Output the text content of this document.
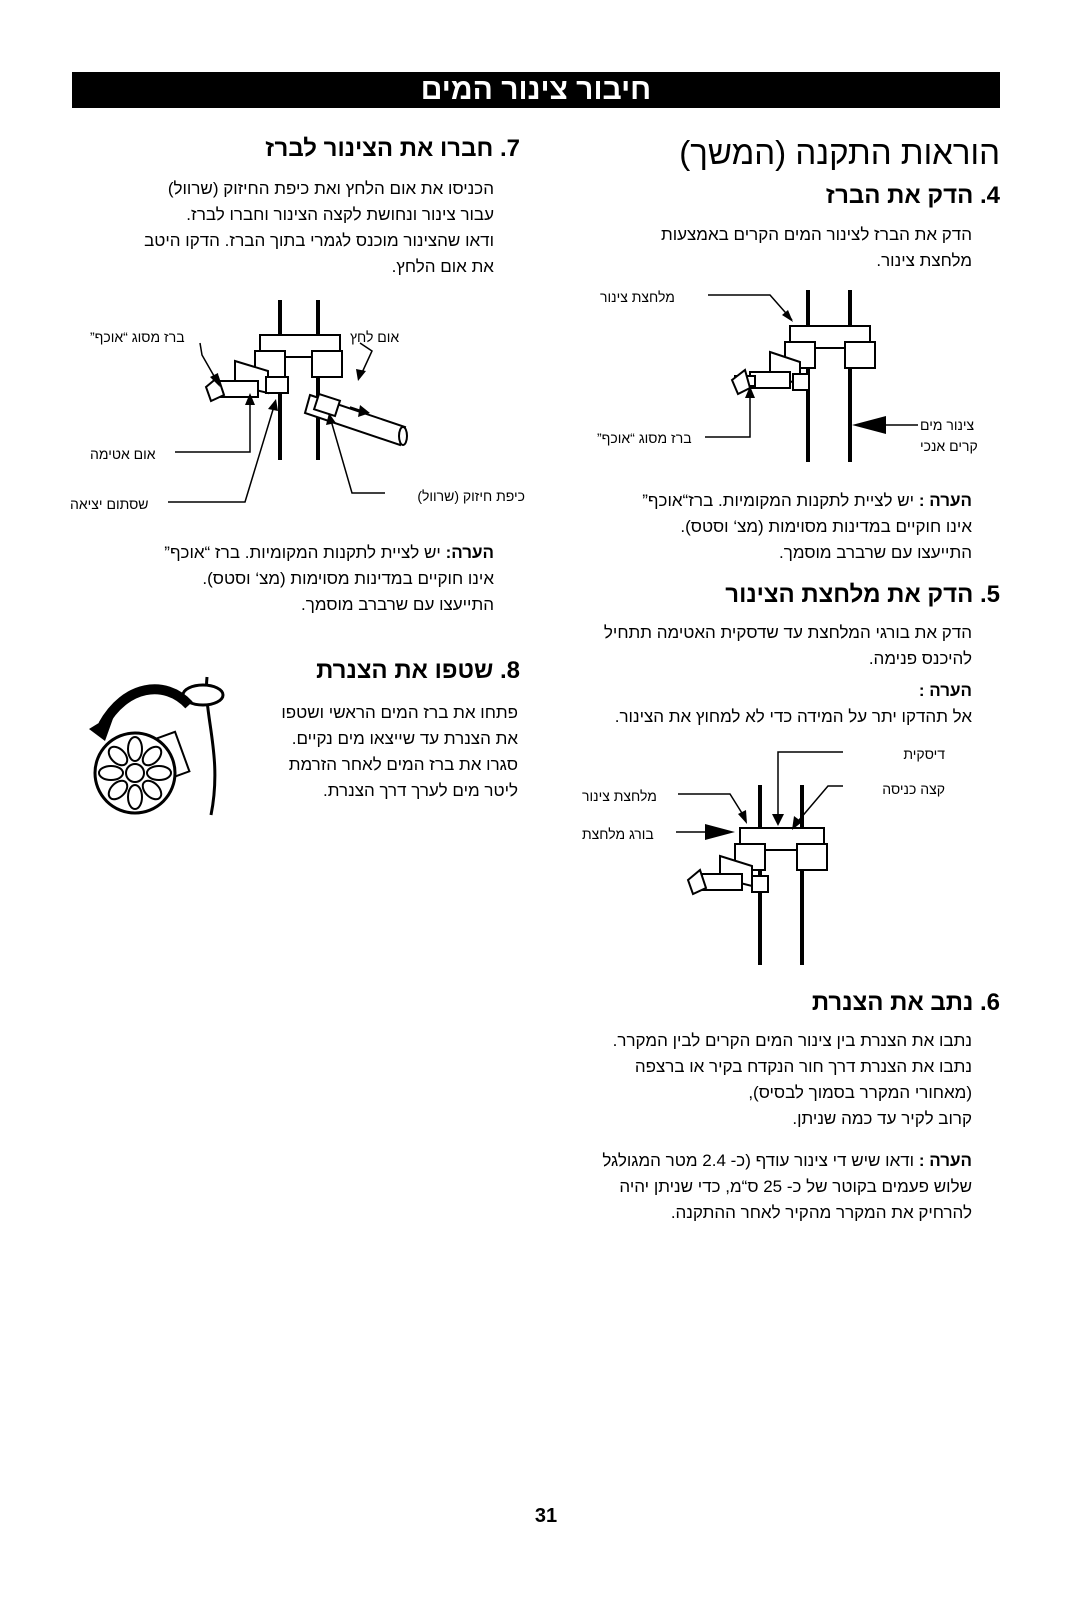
חיבור צינור המים
הוראות התקנה (המשך)
4. הדק את הברז

הדק את הברז לצינור המים הקרים באמצעות

מלחצת צינור.

מלחצת צינור
ברז מסוג “אוכף”
צינור מים
קרים אנכי

הערה : יש לציית לתקנות המקומיות. ברז“אוכף”

אינו חוקיים במדינות מסוימות (מצ‘ וסטס).

התייעצו עם שרברב מוסמך.

5. הדק את מלחצת הצינור

הדק את בורגי המלחצת עד שדסקית האטימה תתחיל

להיכנס פנימה.

הערה :

אל תהדקו יתר על המידה כדי לא למחוץ את הצינור.

דיסקית
קצה כניסה
מלחצת צינור
בורג מלחצת
6. נתב את הצנרת

נתבו את הצנרת בין צינור המים הקרים לבין המקרר.

נתבו את הצנרת דרך חור הנקדח בקיר או ברצפה

(מאחורי המקרר בסמוך לבסיס),

קרוב לקיר עד כמה שניתן.

הערה : ודאו שיש די צינור עודף (כ- 2.4 מטר המגולגל

שלוש פעמים בקוטר של כ- 25 ס“מ, כדי שניתן יהיה

להרחיק את המקרר מהקיר לאחר ההתקנה.

7. חברו את הצינור לברז

הכניסו את אום הלחץ ואת כיפת החיזוק (שרוול)

עבור צינור ונחושת לקצה הצינור וחברו לברז.

ודאו שהצינור מוכנס לגמרי בתוך הברז. הדקו היטב

את אום הלחץ.

ברז מסוג “אוכף”	אום לחץ
אום אטימה
כיפת חיזוק (שרוול)
שסתום יציאה

הערה: יש לציית לתקנות המקומיות. ברז “אוכף”

אינו חוקיים במדינות מסוימות (מצ‘ וסטס).

התייעצו עם שרברב מוסמך.

8. שטפו את הצנרת

פתחו את ברז המים הראשי ושטפו

את הצנרת עד שייצאו מים נקיים.

סגרו את ברז המים לאחר הזרמת

ליטר מים לערך דרך הצנרת.

31
